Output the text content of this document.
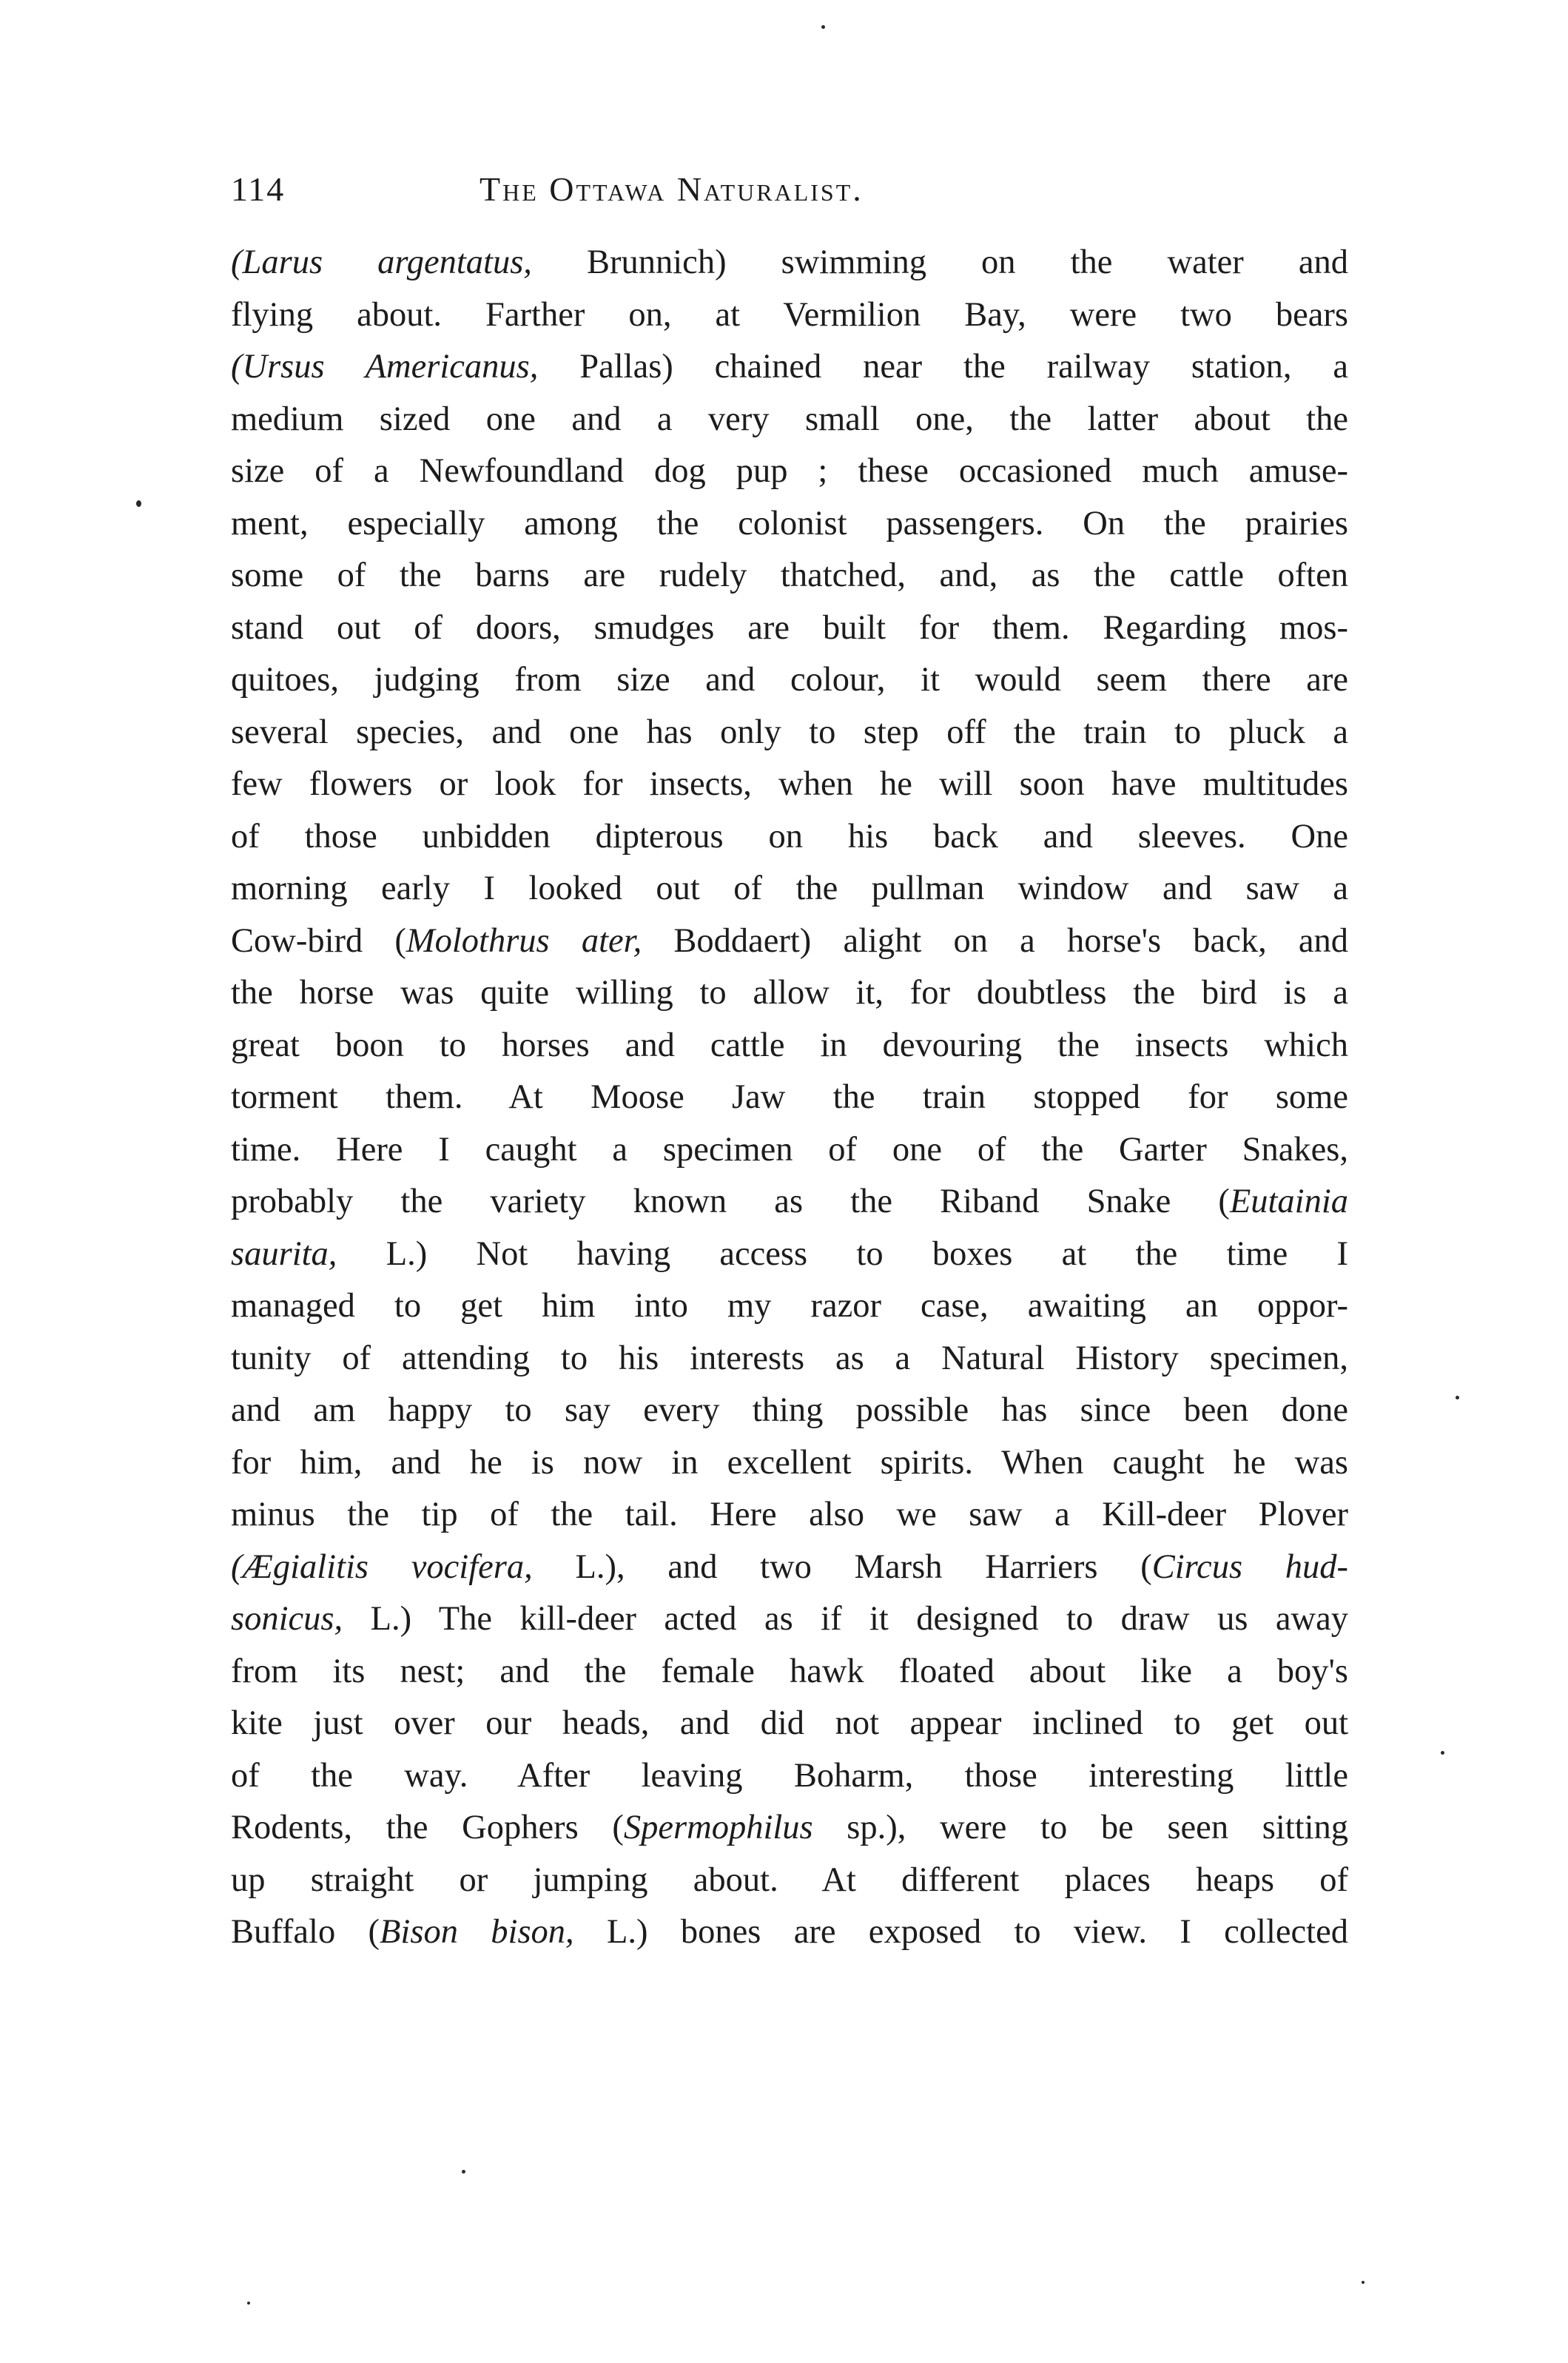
114	The Ottawa Naturalist.
(Larus argentatus, Brunnich) swimming on the water and
flying about. Farther on, at Vermilion Bay, were two bears
(Ursus Americanus, Pallas) chained near the railway station, a
medium sized one and a very small one, the latter about the
size of a Newfoundland dog pup ; these occasioned much amuse-
ment, especially among the colonist passengers. On the prairies
some of the barns are rudely thatched, and, as the cattle often
stand out of doors, smudges are built for them. Regarding mos-
quitoes, judging from size and colour, it would seem there are
several species, and one has only to step off the train to pluck a
few flowers or look for insects, when he will soon have multitudes
of those unbidden dipterous on his back and sleeves. One
morning early I looked out of the pullman window and saw a
Cow-bird (Molothrus ater, Boddaert) alight on a horse's back, and
the horse was quite willing to allow it, for doubtless the bird is a
great boon to horses and cattle in devouring the insects which
torment them. At Moose Jaw the train stopped for some
time. Here I caught a specimen of one of the Garter Snakes,
probably the variety known as the Riband Snake (Eutainia
saurita, L.) Not having access to boxes at the time I
managed to get him into my razor case, awaiting an oppor-
tunity of attending to his interests as a Natural History specimen,
and am happy to say every thing possible has since been done
for him, and he is now in excellent spirits. When caught he was
minus the tip of the tail. Here also we saw a Kill-deer Plover
(Ægialitis vocifera, L.), and two Marsh Harriers (Circus hud-
sonicus, L.) The kill-deer acted as if it designed to draw us away
from its nest; and the female hawk floated about like a boy's
kite just over our heads, and did not appear inclined to get out
of the way. After leaving Boharm, those interesting little
Rodents, the Gophers (Spermophilus sp.), were to be seen sitting
up straight or jumping about. At different places heaps of
Buffalo (Bison bison, L.) bones are exposed to view. I collected
